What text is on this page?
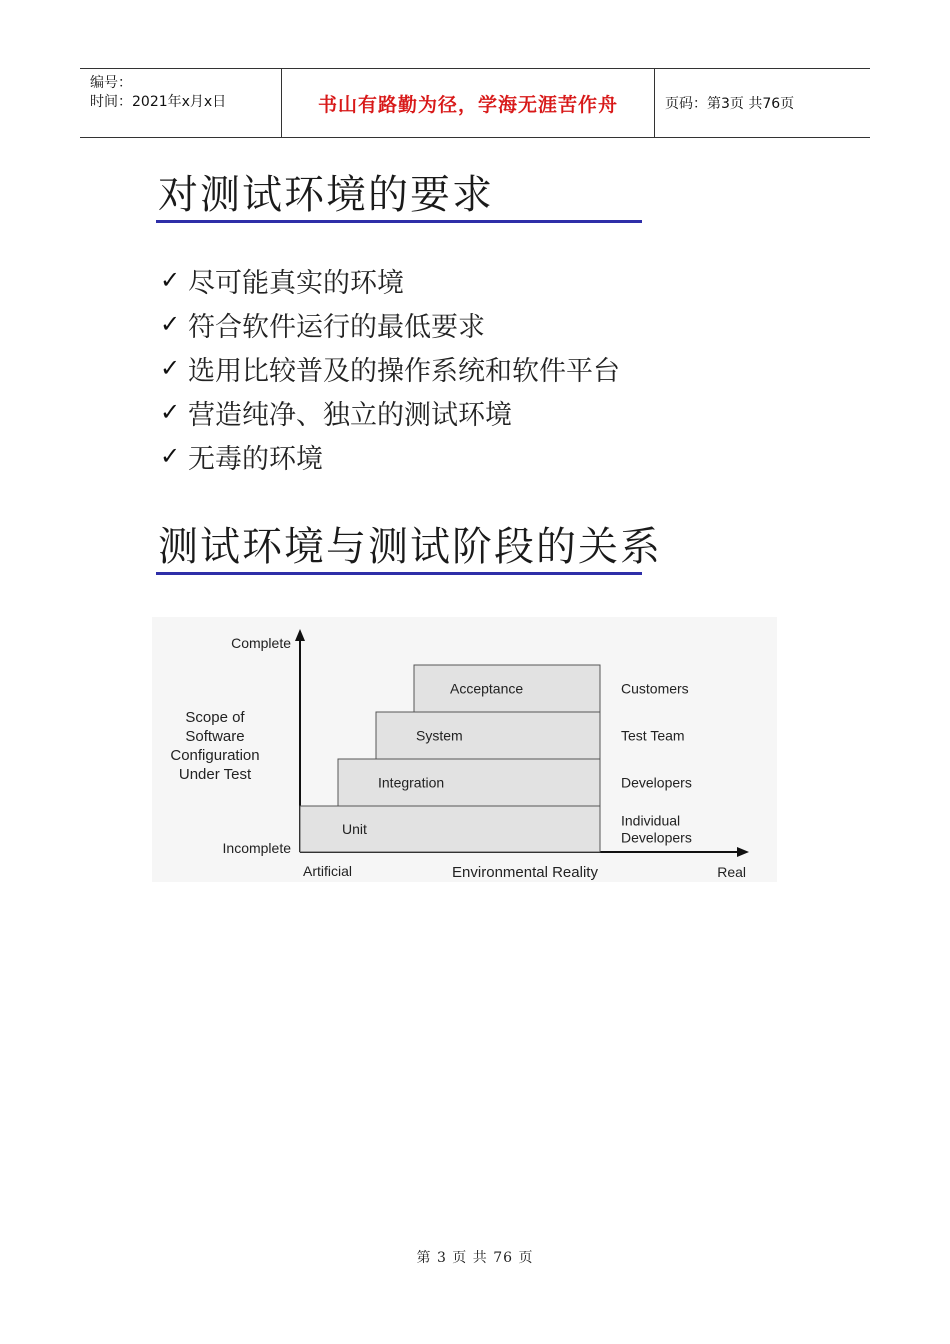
编号：
时间：2021年x月x日	书山有路勤为径，学海无涯苦作舟	页码：第3页 共76页
对测试环境的要求
✓ 尽可能真实的环境
✓ 符合软件运行的最低要求
✓ 选用比较普及的操作系统和软件平台
✓ 营造纯净、独立的测试环境
✓ 无毒的环境
测试环境与测试阶段的关系
Unit
Individual
Developers
Integration	Developers
System	Test Team
Acceptance	Customers
Complete
Incomplete
Scope of
Software
Configuration
Under Test
Artificial	Environmental Reality	Real
第 3 页 共 76 页
